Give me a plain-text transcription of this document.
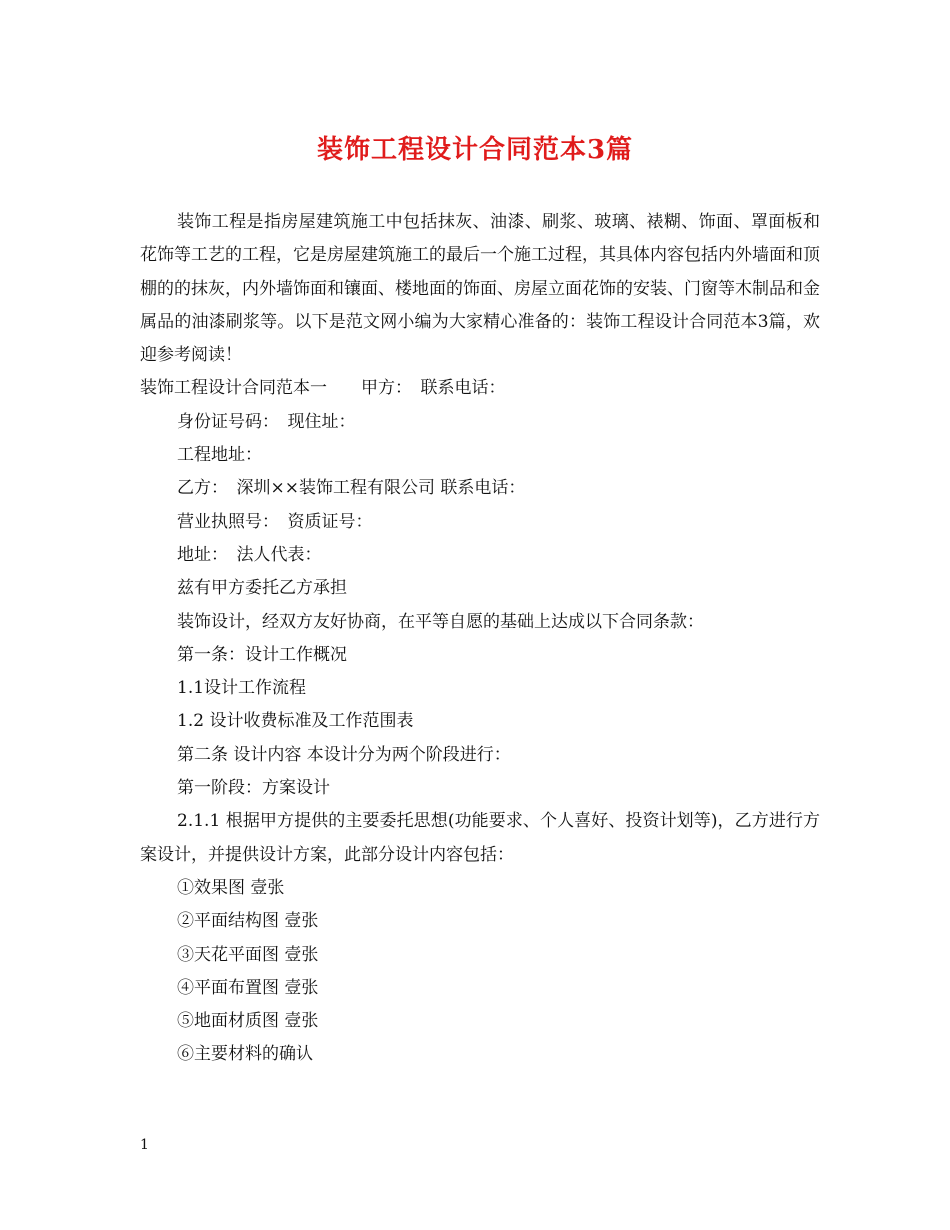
装饰工程设计合同范本3篇

装饰工程是指房屋建筑施工中包括抹灰、油漆、刷浆、玻璃、裱糊、饰面、罩面板和花饰等工艺的工程，它是房屋建筑施工的最后一个施工过程，其具体内容包括内外墙面和顶棚的的抹灰，内外墙饰面和镶面、楼地面的饰面、房屋立面花饰的安装、门窗等木制品和金属品的油漆刷浆等。以下是范文网小编为大家精心准备的：装饰工程设计合同范本3篇，欢迎参考阅读！

装饰工程设计合同范本一　　甲方：　联系电话：

身份证号码：　现住址：

工程地址：

乙方：　深圳××装饰工程有限公司 联系电话：

营业执照号：　资质证号：

地址：　法人代表：

兹有甲方委托乙方承担

装饰设计，经双方友好协商，在平等自愿的基础上达成以下合同条款：

第一条：设计工作概况

1.1设计工作流程

1.2 设计收费标准及工作范围表

第二条 设计内容 本设计分为两个阶段进行：

第一阶段：方案设计

2.1.1 根据甲方提供的主要委托思想(功能要求、个人喜好、投资计划等)，乙方进行方案设计，并提供设计方案，此部分设计内容包括：

①效果图 壹张

②平面结构图 壹张

③天花平面图 壹张

④平面布置图 壹张

⑤地面材质图 壹张

⑥主要材料的确认

1
